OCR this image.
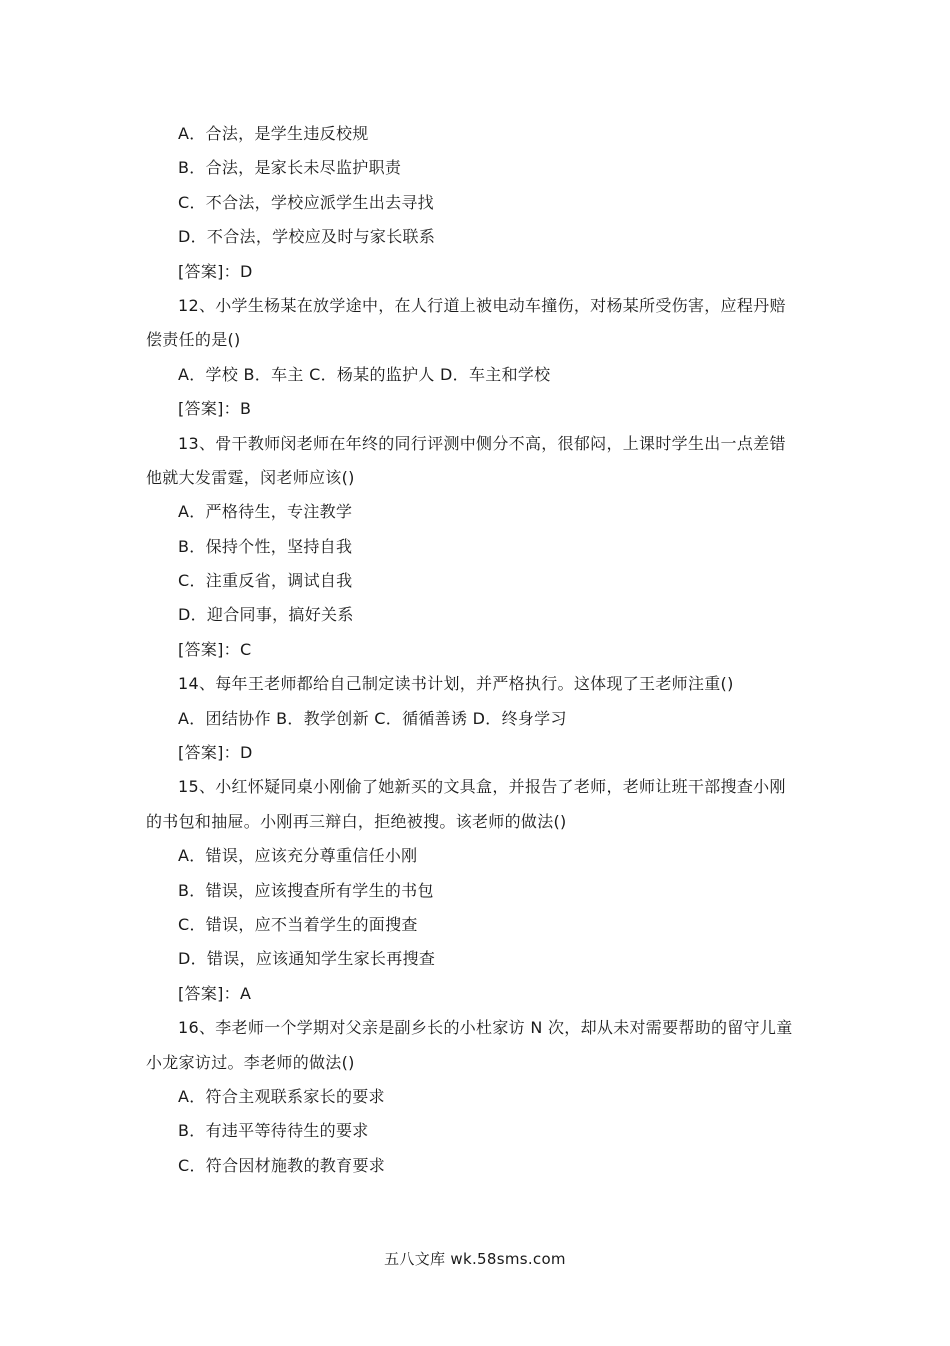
A．合法，是学生违反校规
B．合法，是家长未尽监护职责
C．不合法，学校应派学生出去寻找
D．不合法，学校应及时与家长联系
[答案]：D
12、小学生杨某在放学途中，在人行道上被电动车撞伤，对杨某所受伤害，应程丹赔
偿责任的是()
A．学校 B．车主 C．杨某的监护人 D．车主和学校
[答案]：B
13、骨干教师闵老师在年终的同行评测中侧分不高，很郁闷，上课时学生出一点差错
他就大发雷霆，闵老师应该()
A．严格待生，专注教学
B．保持个性，坚持自我
C．注重反省，调试自我
D．迎合同事，搞好关系
[答案]：C
14、每年王老师都给自己制定读书计划，并严格执行。这体现了王老师注重()
A．团结协作 B．教学创新 C．循循善诱 D．终身学习
[答案]：D
15、小红怀疑同桌小刚偷了她新买的文具盒，并报告了老师，老师让班干部搜查小刚
的书包和抽屉。小刚再三辩白，拒绝被搜。该老师的做法()
A．错误，应该充分尊重信任小刚
B．错误，应该搜查所有学生的书包
C．错误，应不当着学生的面搜查
D．错误，应该通知学生家长再搜查
[答案]：A
16、李老师一个学期对父亲是副乡长的小杜家访 N 次，却从未对需要帮助的留守儿童
小龙家访过。李老师的做法()
A．符合主观联系家长的要求
B．有违平等待待生的要求
C．符合因材施教的教育要求
五八文库 wk.58sms.com
